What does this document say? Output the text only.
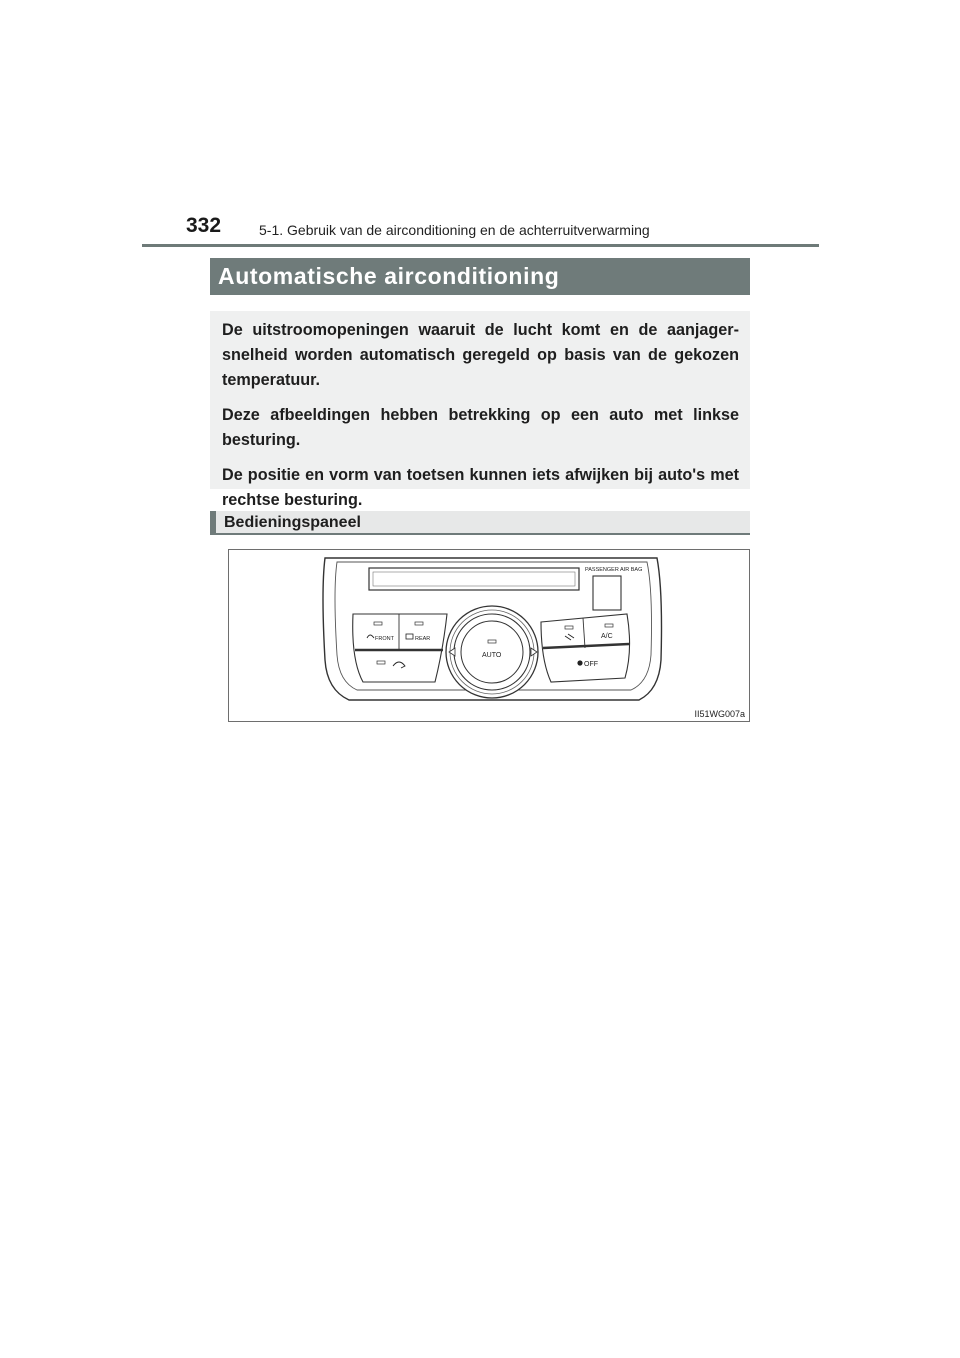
332	5-1. Gebruik van de airconditioning en de achterruitverwarming
Automatische airconditioning

De uitstroomopeningen waaruit de lucht komt en de aanjager-snelheid worden automatisch geregeld op basis van de gekozen temperatuur.

Deze afbeeldingen hebben betrekking op een auto met linkse besturing.

De positie en vorm van toetsen kunnen iets afwijken bij auto's met rechtse besturing.

Bedieningspaneel
PASSENGER AIR BAG
FRONT	REAR
AUTO
A/C
OFF
II51WG007a
